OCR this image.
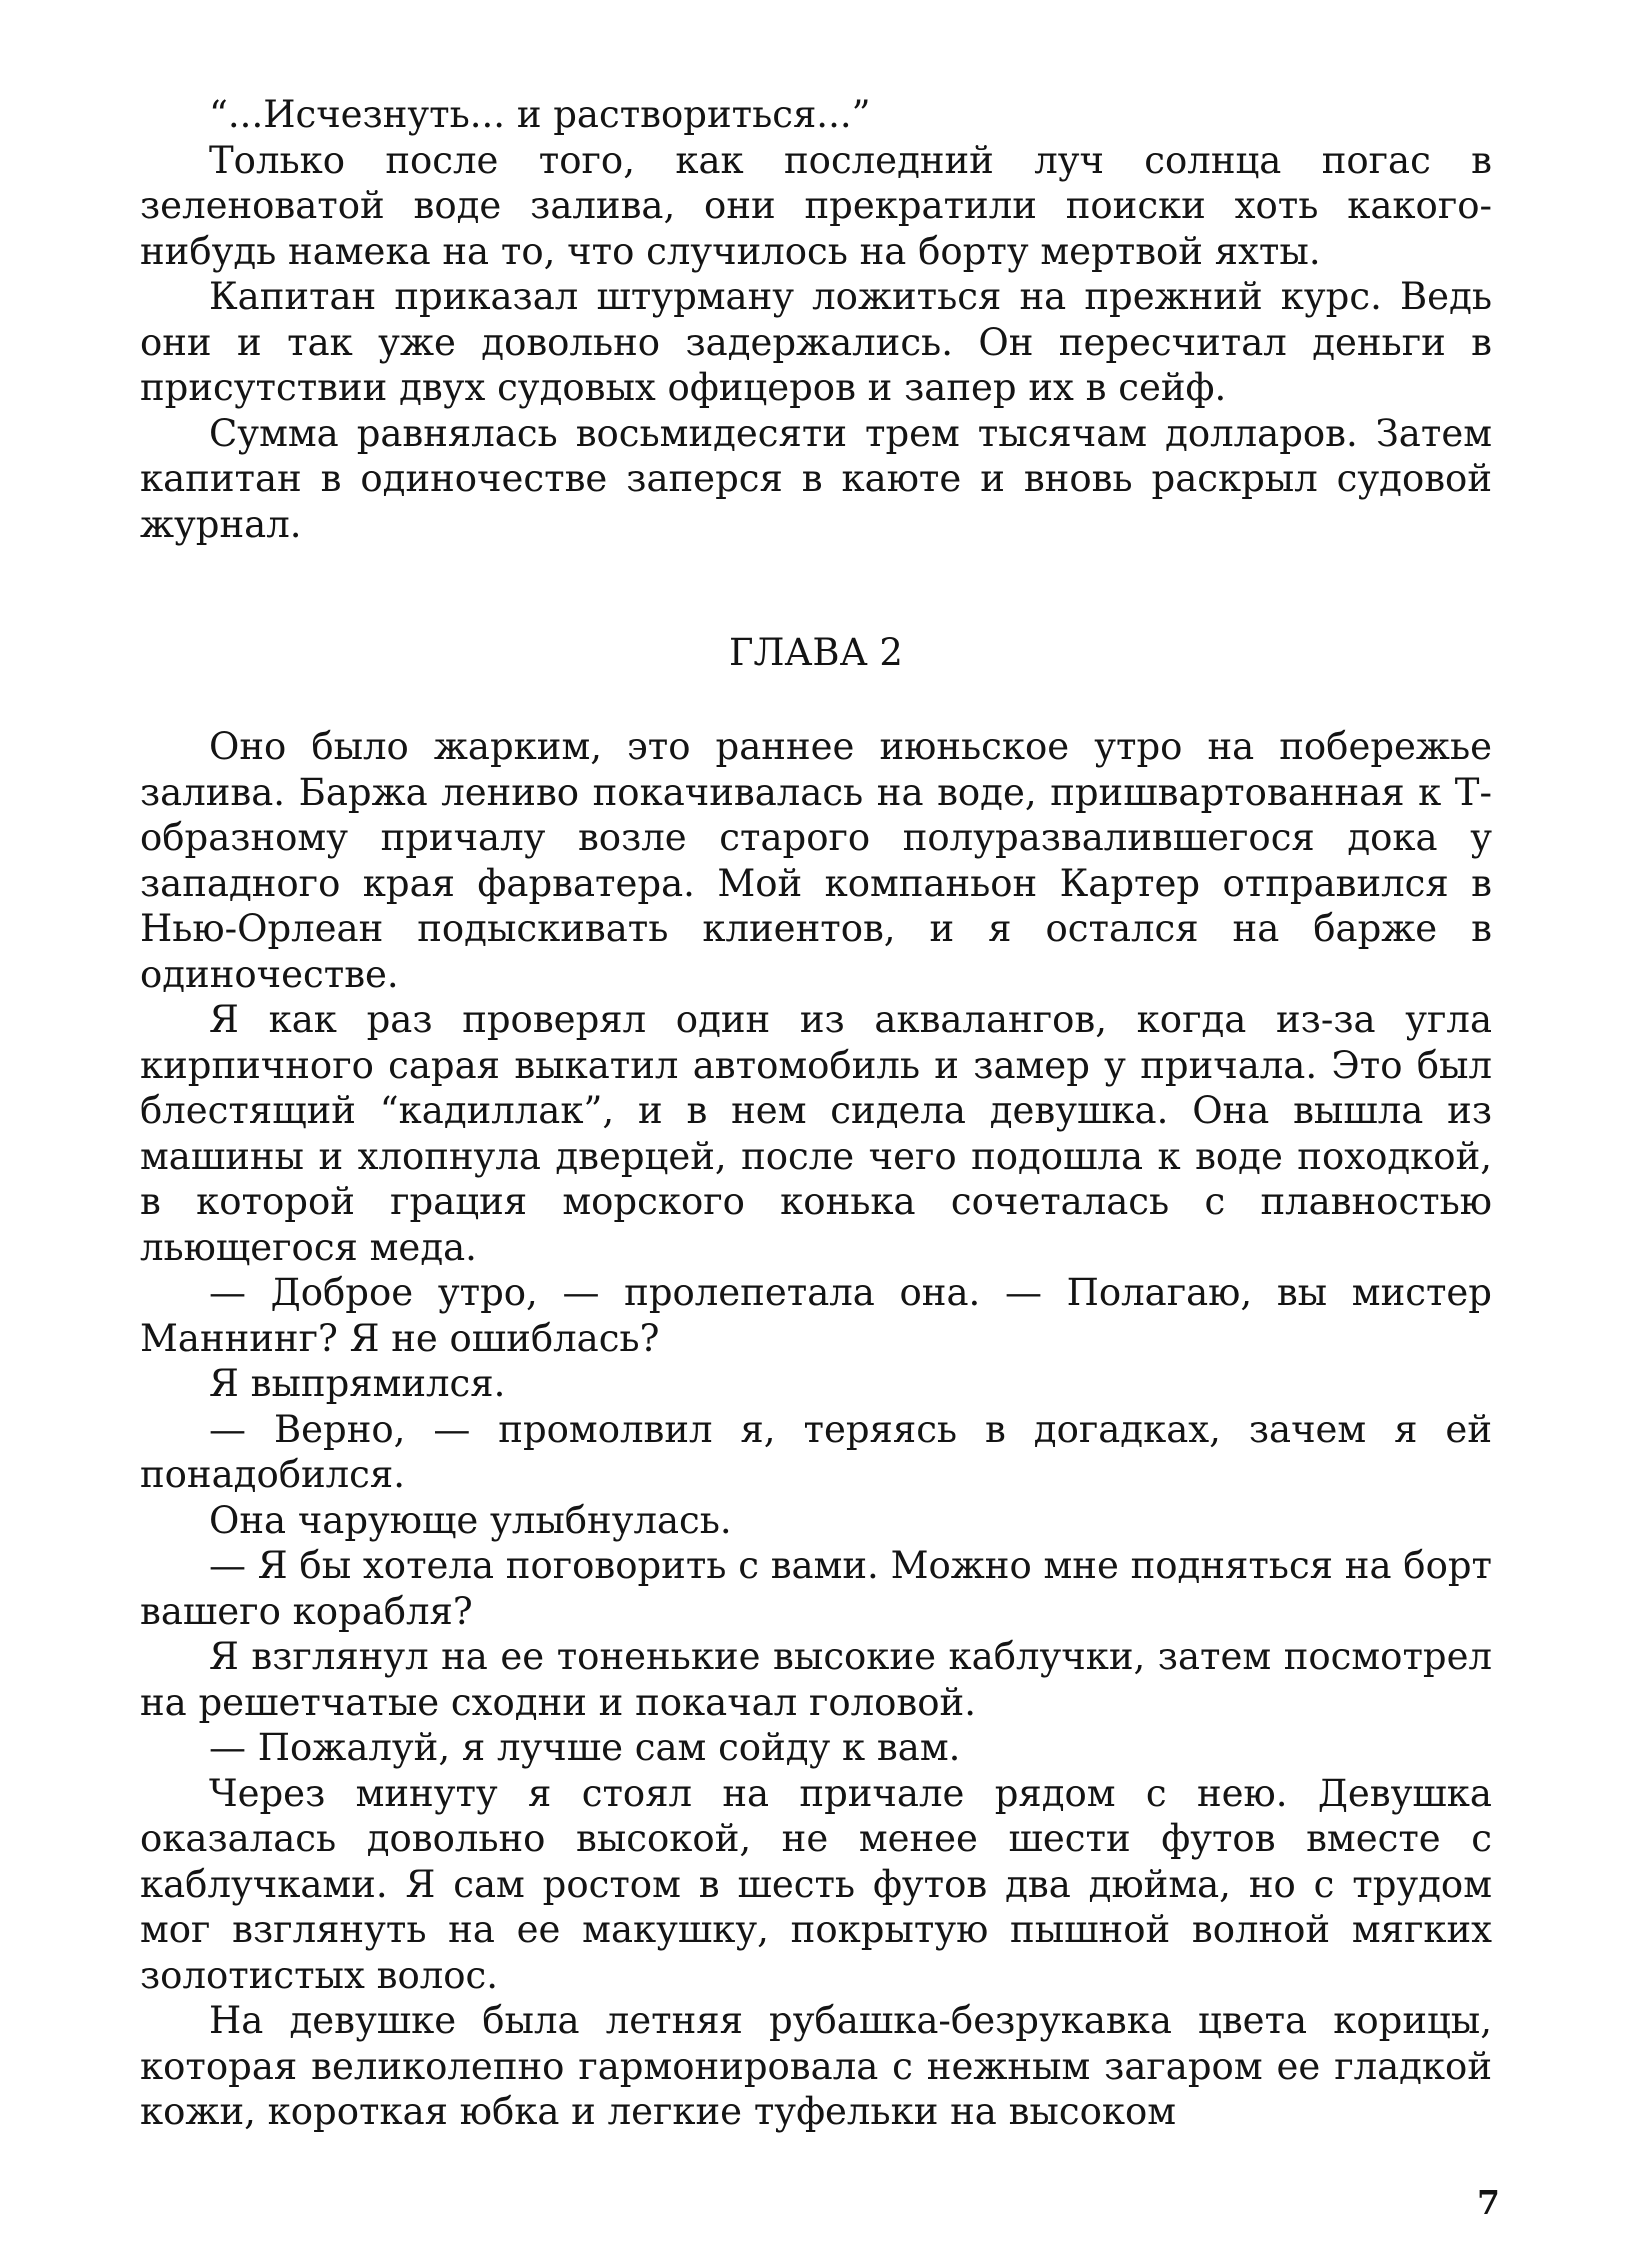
“...Исчезнуть... и раствориться...”

Только после того, как последний луч солнца погас в зеленоватой воде залива, они прекратили поиски хоть какого-нибудь намека на то, что случилось на борту мертвой яхты.

Капитан приказал штурману ложиться на прежний курс. Ведь они и так уже довольно задержались. Он пересчитал деньги в присутствии двух судовых офицеров и запер их в сейф.

Сумма равнялась восьмидесяти трем тысячам долларов. Затем капитан в одиночестве заперся в каюте и вновь раскрыл судовой журнал.

ГЛАВА 2

Оно было жарким, это раннее июньское утро на побережье залива. Баржа лениво покачивалась на воде, пришвартованная к Т-образному причалу возле старого полуразвалившегося дока у западного края фарватера. Мой компаньон Картер отправился в Нью-Орлеан подыскивать клиентов, и я остался на барже в одиночестве.

Я как раз проверял один из аквалангов, когда из-за угла кирпичного сарая выкатил автомобиль и замер у причала. Это был блестящий “кадиллак”, и в нем сидела девушка. Она вышла из машины и хлопнула дверцей, после чего подошла к воде походкой, в которой грация морского конька сочеталась с плавностью льющегося меда.

— Доброе утро, — пролепетала она. — Полагаю, вы мистер Маннинг? Я не ошиблась?

Я выпрямился.

— Верно, — промолвил я, теряясь в догадках, зачем я ей понадобился.

Она чарующе улыбнулась.

— Я бы хотела поговорить с вами. Можно мне подняться на борт вашего корабля?

Я взглянул на ее тоненькие высокие каблучки, затем посмотрел на решетчатые сходни и покачал головой.

— Пожалуй, я лучше сам сойду к вам.

Через минуту я стоял на причале рядом с нею. Девушка оказалась довольно высокой, не менее шести футов вместе с каблучками. Я сам ростом в шесть футов два дюйма, но с трудом мог взглянуть на ее макушку, покрытую пышной волной мягких золотистых волос.

На девушке была летняя рубашка-безрукавка цвета корицы, которая великолепно гармонировала с нежным загаром ее гладкой кожи, короткая юбка и легкие туфельки на высоком

7
